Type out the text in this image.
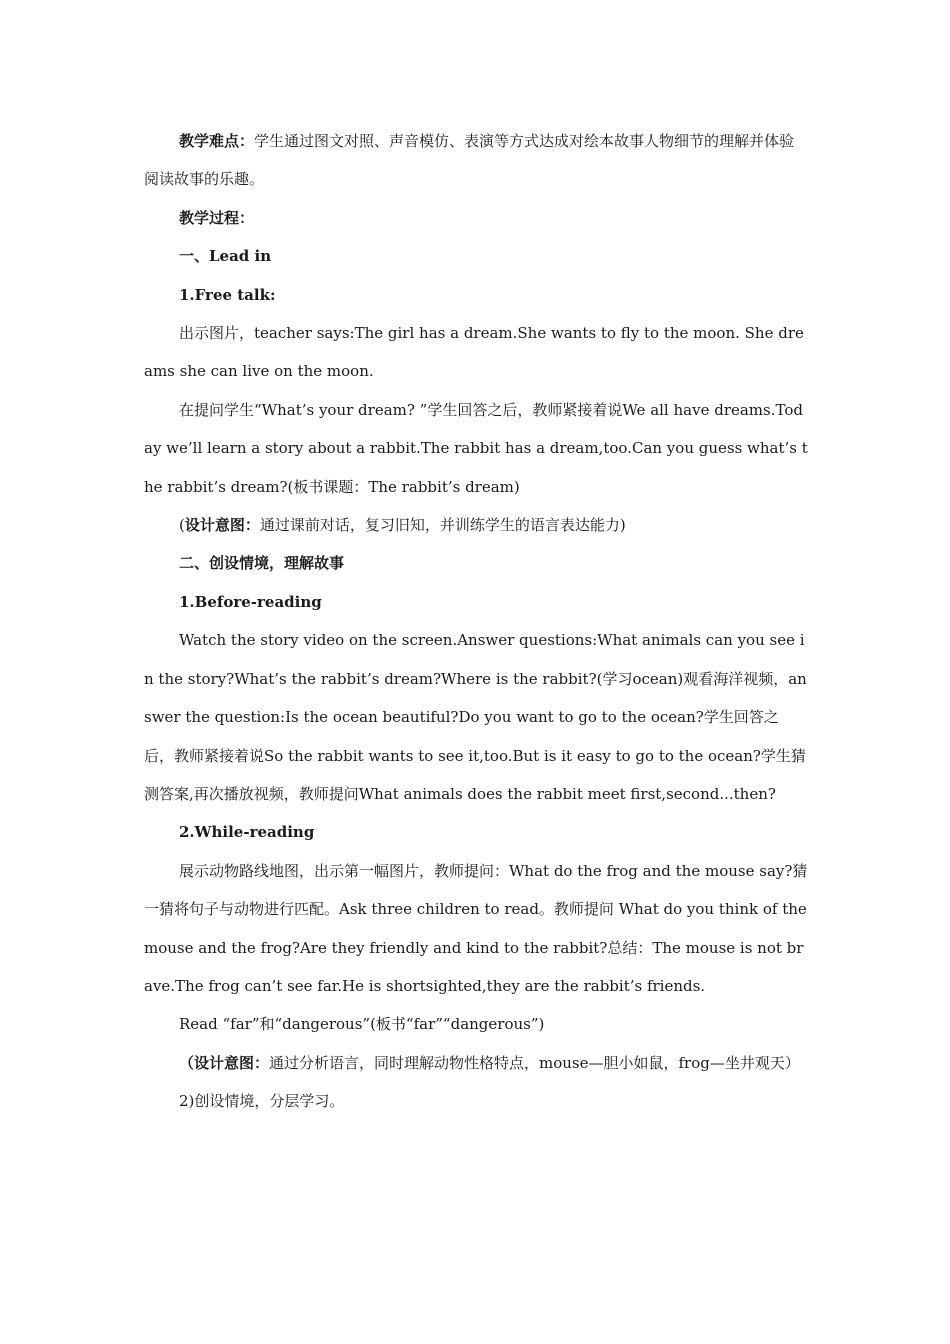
教学难点：学生通过图文对照、声音模仿、表演等方式达成对绘本故事人物细节的理解并体验阅读故事的乐趣。

教学过程：

一、Lead in

1.Free talk:

出示图片，teacher says:The girl has a dream.She wants to fly to the moon. She dreams she can live on the moon.

在提问学生“What’s your dream? ”学生回答之后，教师紧接着说We all have dreams.Today we’ll learn a story about a rabbit.The rabbit has a dream,too.Can you guess what’s the rabbit’s dream?(板书课题：The rabbit’s dream)

(设计意图：通过课前对话，复习旧知，并训练学生的语言表达能力)

二、创设情境，理解故事

1.Before-reading

Watch the story video on the screen.Answer questions:What animals can you see in the story?What’s the rabbit’s dream?Where is the rabbit?(学习ocean)观看海洋视频，answer the question:Is the ocean beautiful?Do you want to go to the ocean?学生回答之后，教师紧接着说So the rabbit wants to see it,too.But is it easy to go to the ocean?学生猜测答案,再次播放视频，教师提问What animals does the rabbit meet first,second...then?

2.While-reading

展示动物路线地图，出示第一幅图片，教师提问：What do the frog and the mouse say?猜一猜将句子与动物进行匹配。Ask three children to read。教师提问 What do you think of the mouse and the frog?Are they friendly and kind to the rabbit?总结：The mouse is not brave.The frog can’t see far.He is shortsighted,they are the rabbit’s friends.

Read “far”和“dangerous”(板书“far”“dangerous”)

（设计意图：通过分析语言，同时理解动物性格特点，mouse—胆小如鼠，frog—坐井观天）

2)创设情境，分层学习。
